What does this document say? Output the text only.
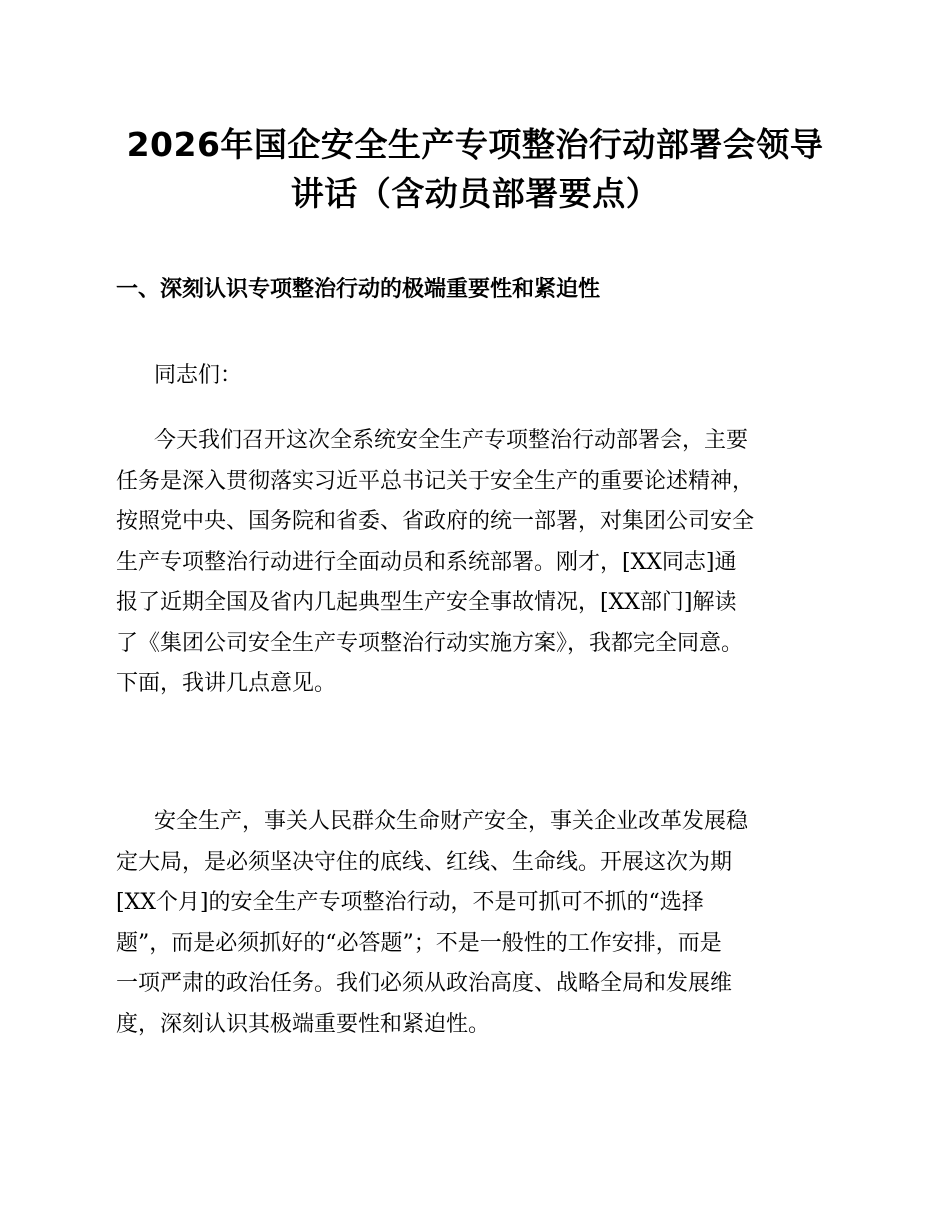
2026年国企安全生产专项整治行动部署会领导
讲话（含动员部署要点）
一、深刻认识专项整治行动的极端重要性和紧迫性
同志们：
今天我们召开这次全系统安全生产专项整治行动部署会，主要
任务是深入贯彻落实习近平总书记关于安全生产的重要论述精神，
按照党中央、国务院和省委、省政府的统一部署，对集团公司安全
生产专项整治行动进行全面动员和系统部署。刚才，[XX同志]通
报了近期全国及省内几起典型生产安全事故情况，[XX部门]解读
了《集团公司安全生产专项整治行动实施方案》，我都完全同意。
下面，我讲几点意见。
安全生产，事关人民群众生命财产安全，事关企业改革发展稳
定大局，是必须坚决守住的底线、红线、生命线。开展这次为期
[XX个月]的安全生产专项整治行动，不是可抓可不抓的“选择
题”，而是必须抓好的“必答题”；不是一般性的工作安排，而是
一项严肃的政治任务。我们必须从政治高度、战略全局和发展维
度，深刻认识其极端重要性和紧迫性。
